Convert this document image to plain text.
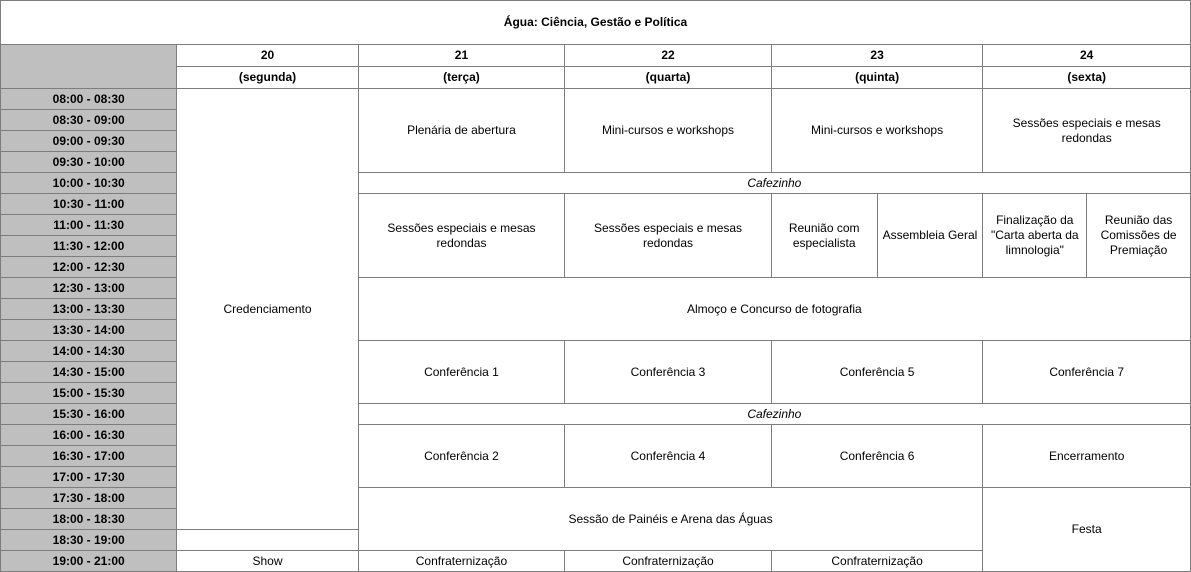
Água: Ciência, Gestão e Política							
	20	21	22	23		24	
	(segunda)	(terça)	(quarta)	(quinta)		(sexta)	
08:00 - 08:30	Credenciamento	Plenária de abertura	Mini-cursos e workshops	Mini-cursos e workshops		Sessões especiais e mesas redondas	
08:30 - 09:00							
09:00 - 09:30							
09:30 - 10:00							
10:00 - 10:30		Cafezinho					
10:30 - 11:00		Sessões especiais e mesas redondas	Sessões especiais e mesas redondas	Reunião com especialista	Assembleia Geral	Finalização da "Carta aberta da limnologia"	Reunião das Comissões de Premiação
11:00 - 11:30							
11:30 - 12:00							
12:00 - 12:30							
12:30 - 13:00		Almoço e Concurso de fotografia					
13:00 - 13:30							
13:30 - 14:00							
14:00 - 14:30		Conferência 1	Conferência 3	Conferência 5		Conferência 7	
14:30 - 15:00							
15:00 - 15:30							
15:30 - 16:00		Cafezinho					
16:00 - 16:30		Conferência 2	Conferência 4	Conferência 6		Encerramento	
16:30 - 17:00							
17:00 - 17:30							
17:30 - 18:00		Sessão de Painéis e Arena das Águas				Festa	
18:00 - 18:30							
18:30 - 19:00							
19:00 - 21:00	Show	Confraternização	Confraternização	Confraternização			
